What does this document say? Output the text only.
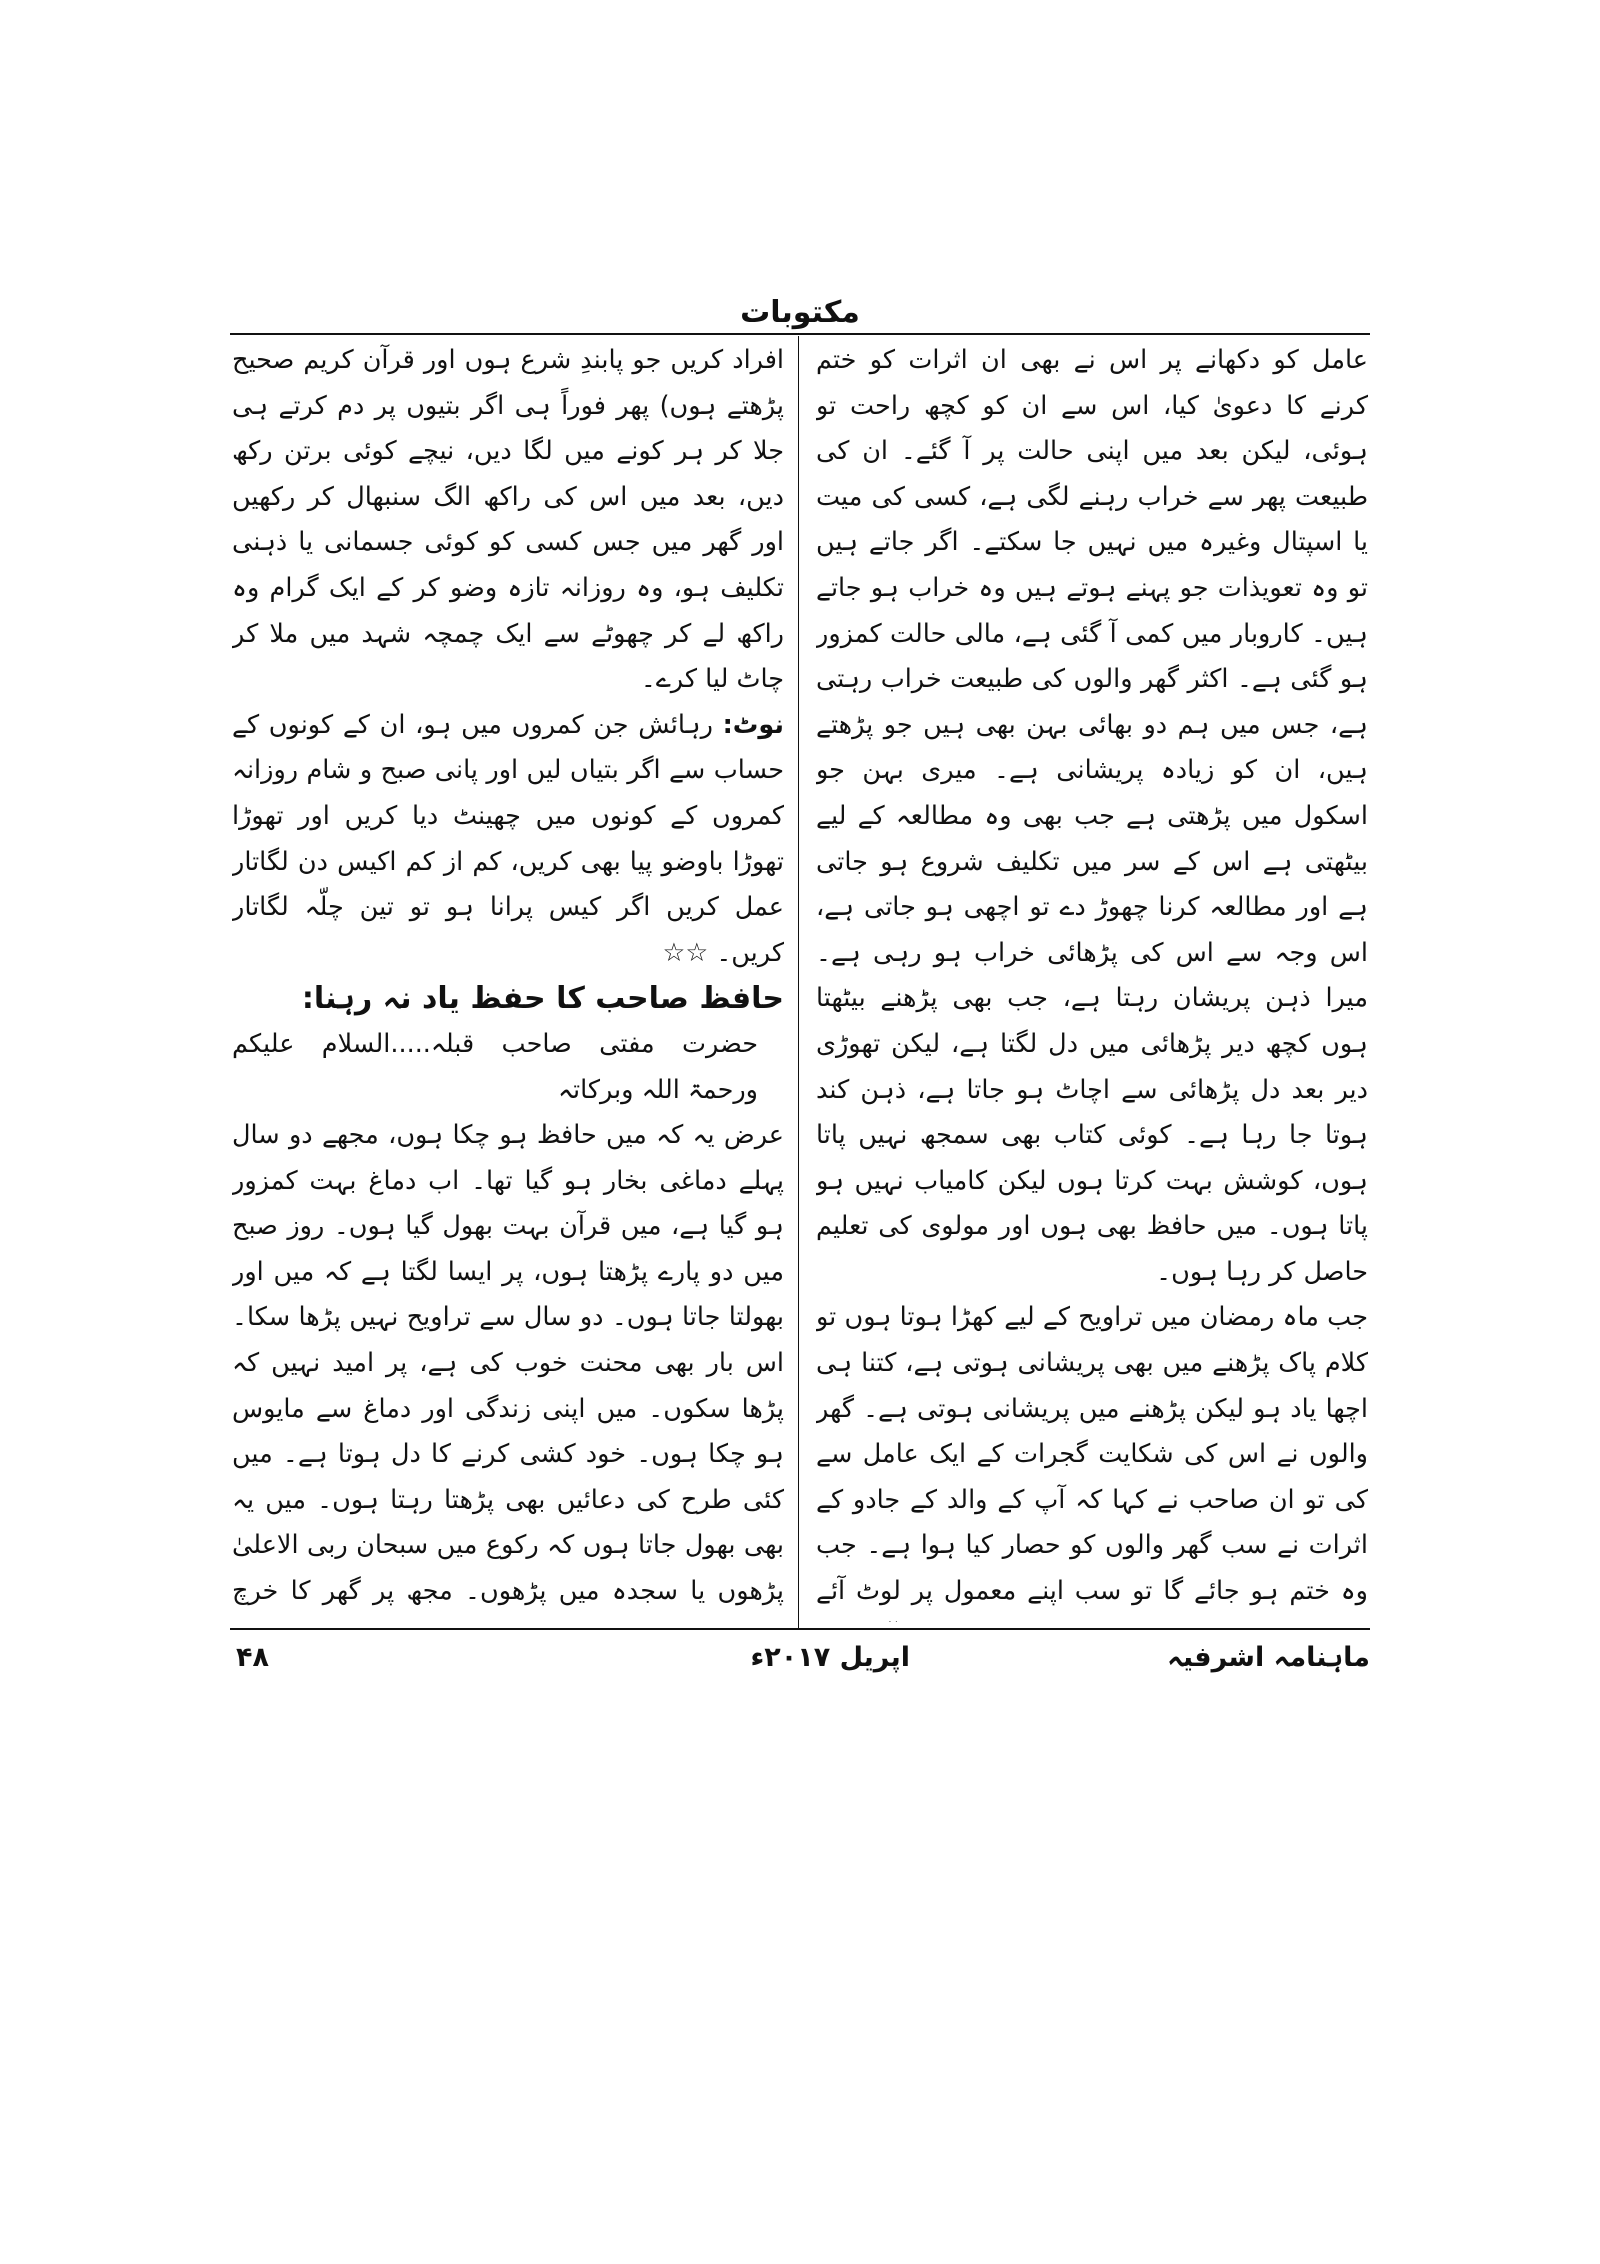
مکتوبات

عامل کو دکھانے پر اس نے بھی ان اثرات کو ختم کرنے کا دعویٰ کیا، اس سے ان کو کچھ راحت تو ہوئی، لیکن بعد میں اپنی حالت پر آ گئے۔ ان کی طبیعت پھر سے خراب رہنے لگی ہے، کسی کی میت یا اسپتال وغیرہ میں نہیں جا سکتے۔ اگر جاتے ہیں تو وہ تعویذات جو پہنے ہوتے ہیں وہ خراب ہو جاتے ہیں۔ کاروبار میں کمی آ گئی ہے، مالی حالت کمزور ہو گئی ہے۔ اکثر گھر والوں کی طبیعت خراب رہتی ہے، جس میں ہم دو بھائی بہن بھی ہیں جو پڑھتے ہیں، ان کو زیادہ پریشانی ہے۔ میری بہن جو اسکول میں پڑھتی ہے جب بھی وہ مطالعہ کے لیے بیٹھتی ہے اس کے سر میں تکلیف شروع ہو جاتی ہے اور مطالعہ کرنا چھوڑ دے تو اچھی ہو جاتی ہے، اس وجہ سے اس کی پڑھائی خراب ہو رہی ہے۔ میرا ذہن پریشان رہتا ہے، جب بھی پڑھنے بیٹھتا ہوں کچھ دیر پڑھائی میں دل لگتا ہے، لیکن تھوڑی دیر بعد دل پڑھائی سے اچاٹ ہو جاتا ہے، ذہن کند ہوتا جا رہا ہے۔ کوئی کتاب بھی سمجھ نہیں پاتا ہوں، کوشش بہت کرتا ہوں لیکن کامیاب نہیں ہو پاتا ہوں۔ میں حافظ بھی ہوں اور مولوی کی تعلیم حاصل کر رہا ہوں۔

جب ماہ رمضان میں تراویح کے لیے کھڑا ہوتا ہوں تو کلام پاک پڑھنے میں بھی پریشانی ہوتی ہے، کتنا ہی اچھا یاد ہو لیکن پڑھنے میں پریشانی ہوتی ہے۔ گھر والوں نے اس کی شکایت گجرات کے ایک عامل سے کی تو ان صاحب نے کہا کہ آپ کے والد کے جادو کے اثرات نے سب گھر والوں کو حصار کیا ہوا ہے۔ جب وہ ختم ہو جائے گا تو سب اپنے معمول پر لوٹ آئے

افراد کریں جو پابندِ شرع ہوں اور قرآن کریم صحیح پڑھتے ہوں) پھر فوراً ہی اگر بتیوں پر دم کرتے ہی جلا کر ہر کونے میں لگا دیں، نیچے کوئی برتن رکھ دیں، بعد میں اس کی راکھ الگ سنبھال کر رکھیں اور گھر میں جس کسی کو کوئی جسمانی یا ذہنی تکلیف ہو، وہ روزانہ تازہ وضو کر کے ایک گرام وہ راکھ لے کر چھوٹے سے ایک چمچہ شہد میں ملا کر چاٹ لیا کرے۔

نوٹ: رہائش جن کمروں میں ہو، ان کے کونوں کے حساب سے اگر بتیاں لیں اور پانی صبح و شام روزانہ کمروں کے کونوں میں چھینٹ دیا کریں اور تھوڑا تھوڑا باوضو پیا بھی کریں، کم از کم اکیس دن لگاتار عمل کریں اگر کیس پرانا ہو تو تین چلّہ لگاتار کریں۔ ☆☆

حافظ صاحب کا حفظ یاد نہ رہنا:

حضرت مفتی صاحب قبلہ.....السلام علیکم ورحمۃ اللہ وبرکاتہ

عرض یہ کہ میں حافظ ہو چکا ہوں، مجھے دو سال پہلے دماغی بخار ہو گیا تھا۔ اب دماغ بہت کمزور ہو گیا ہے، میں قرآن بہت بھول گیا ہوں۔ روز صبح میں دو پارے پڑھتا ہوں، پر ایسا لگتا ہے کہ میں اور بھولتا جاتا ہوں۔ دو سال سے تراویح نہیں پڑھا سکا۔ اس بار بھی محنت خوب کی ہے، پر امید نہیں کہ پڑھا سکوں۔ میں اپنی زندگی اور دماغ سے مایوس ہو چکا ہوں۔ خود کشی کرنے کا دل ہوتا ہے۔ میں کئی طرح کی دعائیں بھی پڑھتا رہتا ہوں۔ میں یہ بھی بھول جاتا ہوں کہ رکوع میں سبحان ربی الاعلیٰ پڑھوں یا سجدہ میں پڑھوں۔ مجھ پر گھر کا خرچ

ماہنامہ اشرفیہ
اپریل ۲۰۱۷ء
۴۸
